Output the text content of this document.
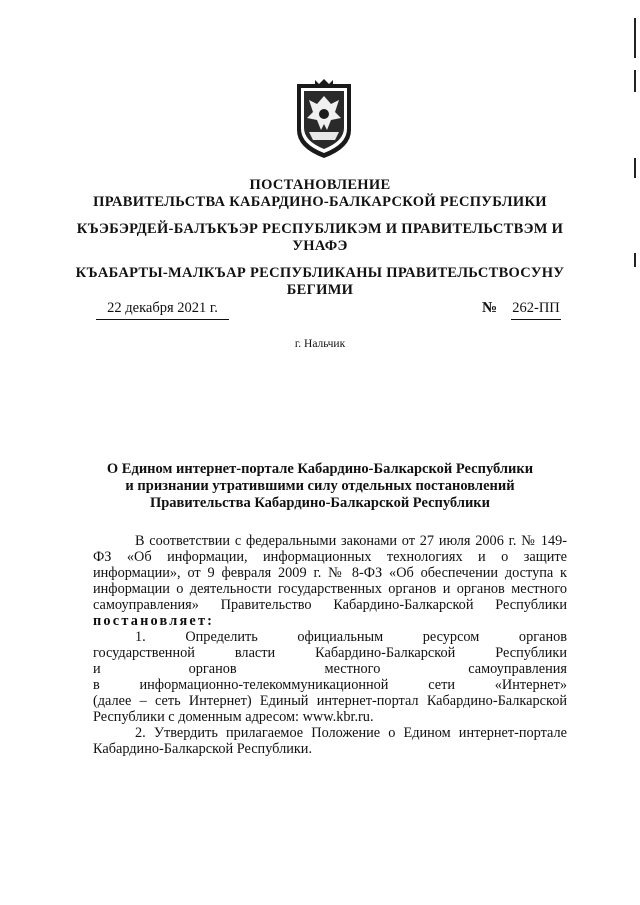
ПОСТАНОВЛЕНИЕ
ПРАВИТЕЛЬСТВА КАБАРДИНО-БАЛКАРСКОЙ РЕСПУБЛИКИ
КЪЭБЭРДЕЙ-БАЛЪКЪЭР РЕСПУБЛИКЭМ И ПРАВИТЕЛЬСТВЭМ И
УНАФЭ
КЪАБАРТЫ-МАЛКЪАР РЕСПУБЛИКАНЫ ПРАВИТЕЛЬСТВОСУНУ
БЕГИМИ
22 декабря 2021 г.	№ 262-ПП
г. Нальчик
О Едином интернет-портале Кабардино-Балкарской Республики
и признании утратившими силу отдельных постановлений
Правительства Кабардино-Балкарской Республики

В соответствии с федеральными законами от 27 июля 2006 г. № 149-ФЗ «Об информации, информационных технологиях и о защите информации», от 9 февраля 2009 г. № 8-ФЗ «Об обеспечении доступа к информации о деятельности государственных органов и органов местного самоуправления» Правительство Кабардино-Балкарской Республики постановляет:

1. Определить официальным ресурсом органов
государственной власти Кабардино-Балкарской Республики
и органов местного самоуправления
в информационно-телекоммуникационной сети «Интернет»

(далее – сеть Интернет) Единый интернет-портал Кабардино-Балкарской Республики с доменным адресом: www.kbr.ru.

2. Утвердить прилагаемое Положение о Едином интернет-портале Кабардино-Балкарской Республики.
